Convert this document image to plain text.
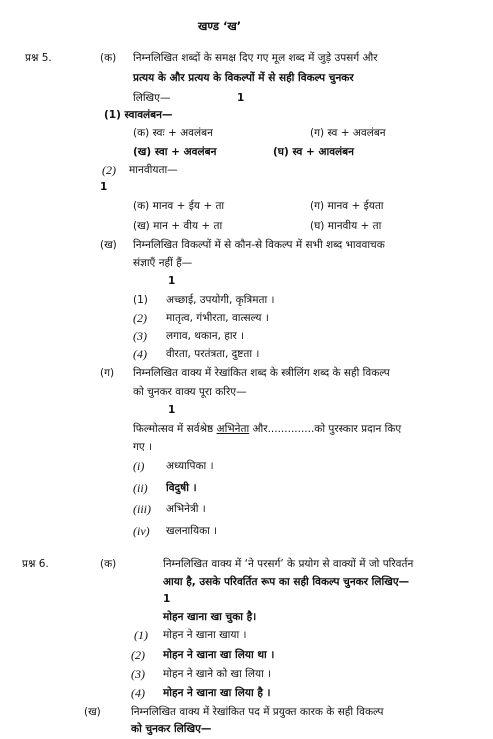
खण्ड ‘ख’
प्रश्न 5.	(क) निम्नलिखित शब्दों के समक्ष दिए गए मूल शब्द में जुड़े उपसर्ग और
प्रत्यय के और प्रत्यय के विकल्पों में से सही विकल्प चुनकर
लिखिए—	1
(1) स्वावलंबन—
(क) स्वः + अवलंबन	(ग) स्व + अवलंबन
(ख) स्वा + अवलंबन	(घ) स्व + आवलंबन
(2) मानवीयता—
1
(क) मानव + ईय + ता	(ग) मानव + ईयता
(ख) मान + वीय + ता	(घ) मानवीय + ता
(ख) निम्नलिखित विकल्पों में से कौन-से विकल्प में सभी शब्द भाववाचक
संज्ञाएँ नहीं हैं—
1
(1) अच्छाई, उपयोगी, कृत्रिमता ।
(2) मातृत्व, गंभीरता, वात्सल्य ।
(3) लगाव, थकान, हार ।
(4) वीरता, परतंत्रता, दुष्टता ।
(ग) निम्नलिखित वाक्य में रेखांकित शब्द के स्त्रीलिंग शब्द के सही विकल्प
को चुनकर वाक्य पूरा करिए—
1
फिल्मोत्सव में सर्वश्रेष्ठ अभिनेता और..............को पुरस्कार प्रदान किए
गए ।
(i) अध्यापिका ।
(ii) विदुषी ।
(iii) अभिनेत्री ।
(iv) खलनायिका ।
प्रश्न 6.	(क)	निम्नलिखित वाक्य में ‘ने परसर्ग’ के प्रयोग से वाक्यों में जो परिवर्तन
आया है, उसके परिवर्तित रूप का सही विकल्प चुनकर लिखिए—
1
मोहन खाना खा चुका है।
(1) मोहन ने खाना खाया ।
(2) मोहन ने खाना खा लिया था ।
(3) मोहन ने खाने को खा लिया ।
(4) मोहन ने खाना खा लिया है ।
(ख)	निम्नलिखित वाक्य में रेखांकित पद में प्रयुक्त कारक के सही विकल्प
को चुनकर लिखिए—
